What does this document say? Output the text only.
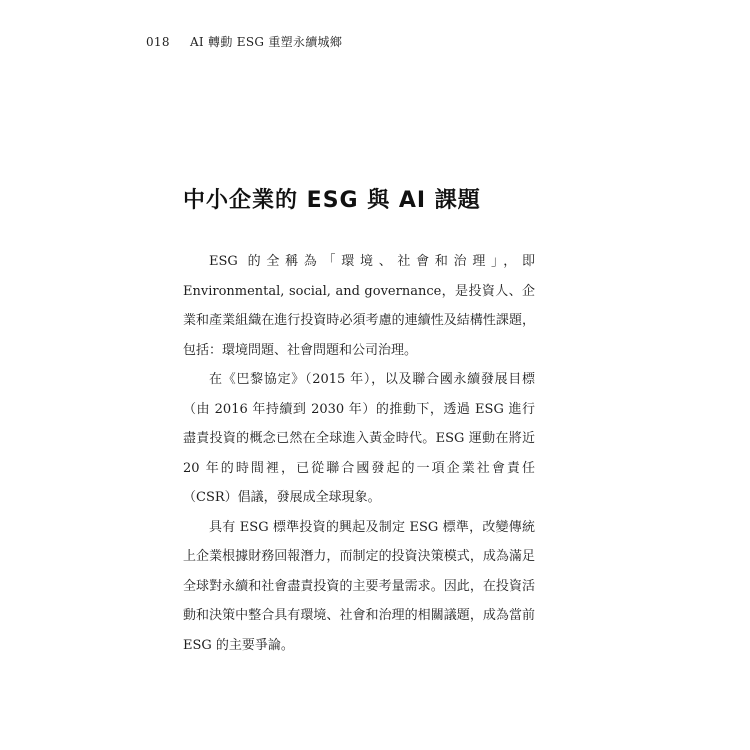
018 AI 轉動 ESG 重塑永續城鄉
中小企業的 ESG 與 AI 課題

ESG 的全稱為「環境、社會和治理」，即 Environmental, social, and governance，是投資人、企業和產業組織在進行投資時必須考慮的連續性及結構性課題，包括：環境問題、社會問題和公司治理。

在《巴黎協定》（2015 年），以及聯合國永續發展目標（由 2016 年持續到 2030 年）的推動下，透過 ESG 進行盡責投資的概念已然在全球進入黃金時代。ESG 運動在將近 20 年的時間裡，已從聯合國發起的一項企業社會責任（CSR）倡議，發展成全球現象。

具有 ESG 標準投資的興起及制定 ESG 標準，改變傳統上企業根據財務回報潛力，而制定的投資決策模式，成為滿足全球對永續和社會盡責投資的主要考量需求。因此，在投資活動和決策中整合具有環境、社會和治理的相關議題，成為當前 ESG 的主要爭論。
